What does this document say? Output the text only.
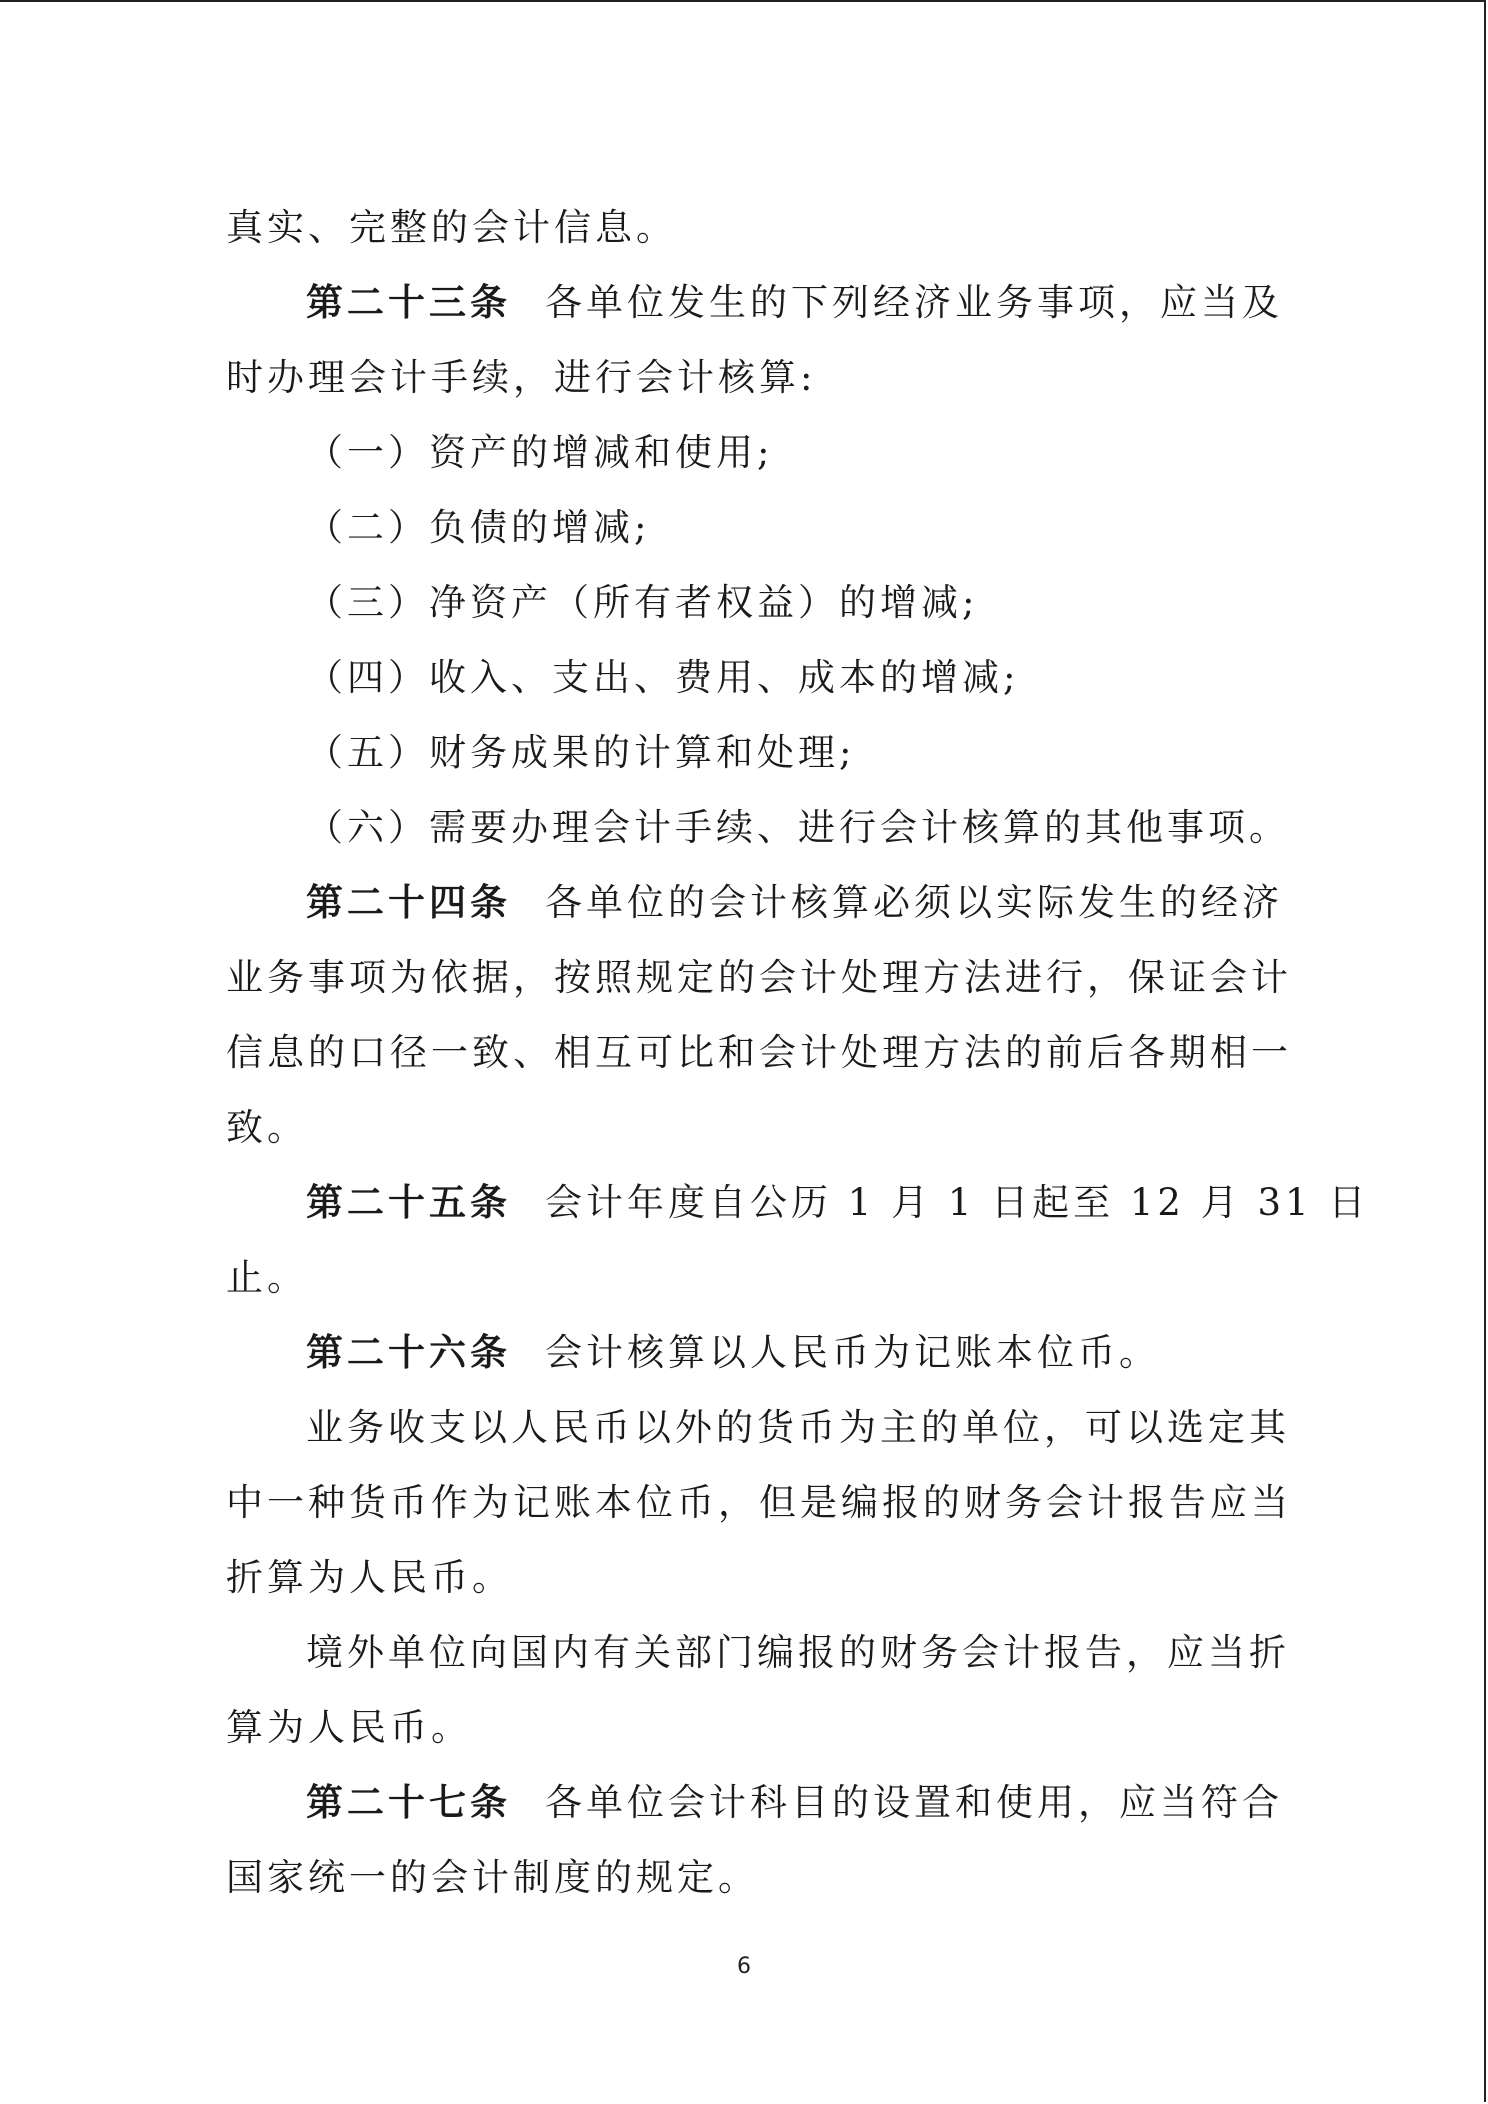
真实、完整的会计信息。
第二十三条 各单位发生的下列经济业务事项，应当及
时办理会计手续，进行会计核算:
（一）资产的增减和使用;
（二）负债的增减;
（三）净资产（所有者权益）的增减;
（四）收入、支出、费用、成本的增减;
（五）财务成果的计算和处理;
（六）需要办理会计手续、进行会计核算的其他事项。
第二十四条 各单位的会计核算必须以实际发生的经济
业务事项为依据，按照规定的会计处理方法进行，保证会计
信息的口径一致、相互可比和会计处理方法的前后各期相一
致。
第二十五条 会计年度自公历 1 月 1 日起至 12 月 31 日
止。
第二十六条 会计核算以人民币为记账本位币。
业务收支以人民币以外的货币为主的单位，可以选定其
中一种货币作为记账本位币，但是编报的财务会计报告应当
折算为人民币。
境外单位向国内有关部门编报的财务会计报告，应当折
算为人民币。
第二十七条 各单位会计科目的设置和使用，应当符合
国家统一的会计制度的规定。
6
